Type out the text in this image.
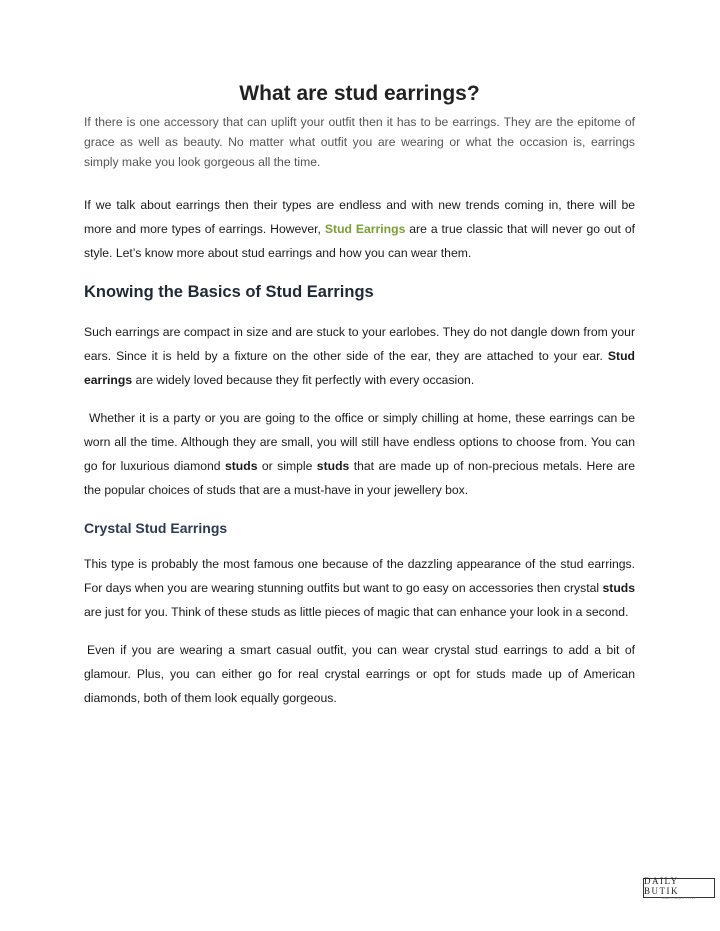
What are stud earrings?

If there is one accessory that can uplift your outfit then it has to be earrings. They are the epitome of grace as well as beauty. No matter what outfit you are wearing or what the occasion is, earrings simply make you look gorgeous all the time.

If we talk about earrings then their types are endless and with new trends coming in, there will be more and more types of earrings. However, Stud Earrings are a true classic that will never go out of style. Let’s know more about stud earrings and how you can wear them.

Knowing the Basics of Stud Earrings

Such earrings are compact in size and are stuck to your earlobes. They do not dangle down from your ears. Since it is held by a fixture on the other side of the ear, they are attached to your ear. Stud earrings are widely loved because they fit perfectly with every occasion.

Whether it is a party or you are going to the office or simply chilling at home, these earrings can be worn all the time. Although they are small, you will still have endless options to choose from. You can go for luxurious diamond studs or simple studs that are made up of non-precious metals. Here are the popular choices of studs that are a must-have in your jewellery box.

Crystal Stud Earrings

This type is probably the most famous one because of the dazzling appearance of the stud earrings. For days when you are wearing stunning outfits but want to go easy on accessories then crystal studs are just for you. Think of these studs as little pieces of magic that can enhance your look in a second.

Even if you are wearing a smart casual outfit, you can wear crystal stud earrings to add a bit of glamour. Plus, you can either go for real crystal earrings or opt for studs made up of American diamonds, both of them look equally gorgeous.

DAILY BUTIK
SHOP UNIQUE STYLE
